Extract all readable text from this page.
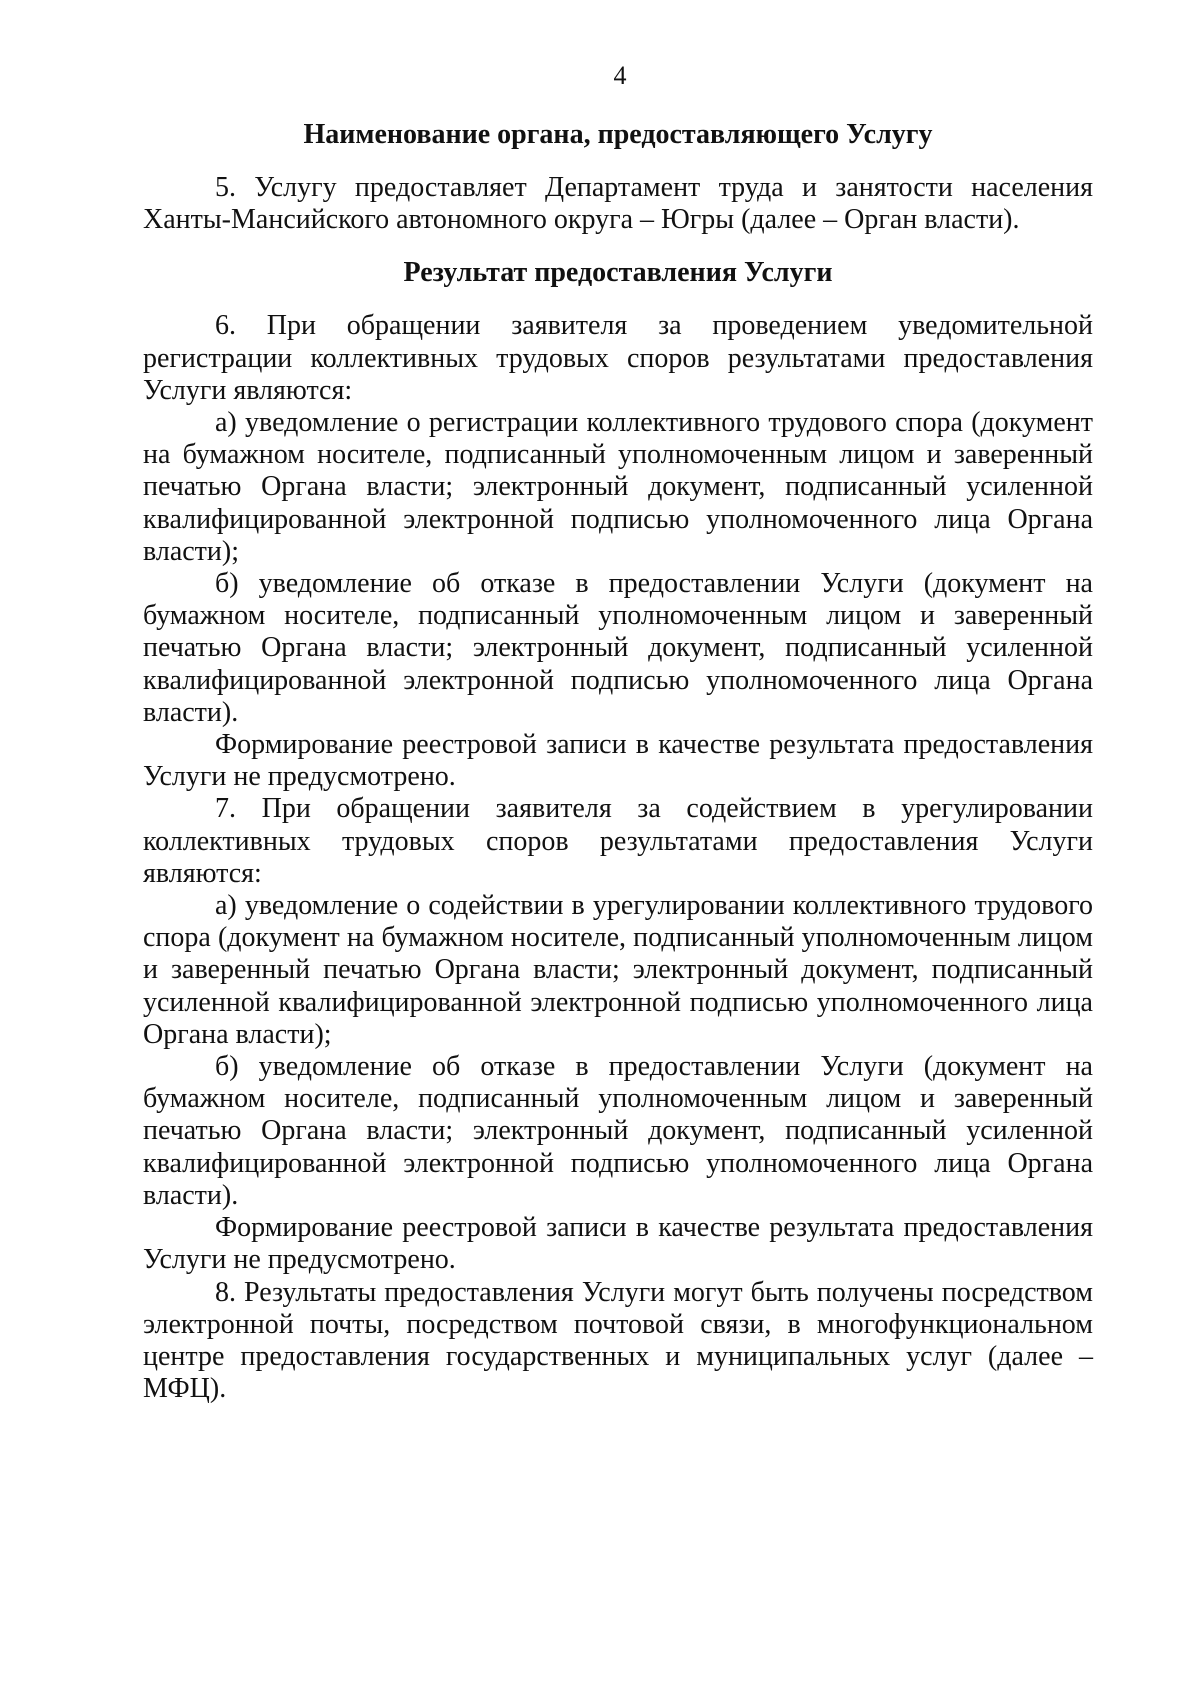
4
Наименование органа, предоставляющего Услугу

5. Услугу предоставляет Департамент труда и занятости населения Ханты-Мансийского автономного округа – Югры (далее – Орган власти).

Результат предоставления Услуги

6. При обращении заявителя за проведением уведомительной регистрации коллективных трудовых споров результатами предоставления Услуги являются:

а) уведомление о регистрации коллективного трудового спора (документ на бумажном носителе, подписанный уполномоченным лицом и заверенный печатью Органа власти; электронный документ, подписанный усиленной квалифицированной электронной подписью уполномоченного лица Органа власти);

б) уведомление об отказе в предоставлении Услуги (документ на бумажном носителе, подписанный уполномоченным лицом и заверенный печатью Органа власти; электронный документ, подписанный усиленной квалифицированной электронной подписью уполномоченного лица Органа власти).

Формирование реестровой записи в качестве результата предоставления Услуги не предусмотрено.

7. При обращении заявителя за содействием в урегулировании коллективных трудовых споров результатами предоставления Услуги являются:

а) уведомление о содействии в урегулировании коллективного трудового спора (документ на бумажном носителе, подписанный уполномоченным лицом и заверенный печатью Органа власти; электронный документ, подписанный усиленной квалифицированной электронной подписью уполномоченного лица Органа власти);

б) уведомление об отказе в предоставлении Услуги (документ на бумажном носителе, подписанный уполномоченным лицом и заверенный печатью Органа власти; электронный документ, подписанный усиленной квалифицированной электронной подписью уполномоченного лица Органа власти).

Формирование реестровой записи в качестве результата предоставления Услуги не предусмотрено.

8. Результаты предоставления Услуги могут быть получены посредством электронной почты, посредством почтовой связи, в многофункциональном центре предоставления государственных и муниципальных услуг (далее – МФЦ).
